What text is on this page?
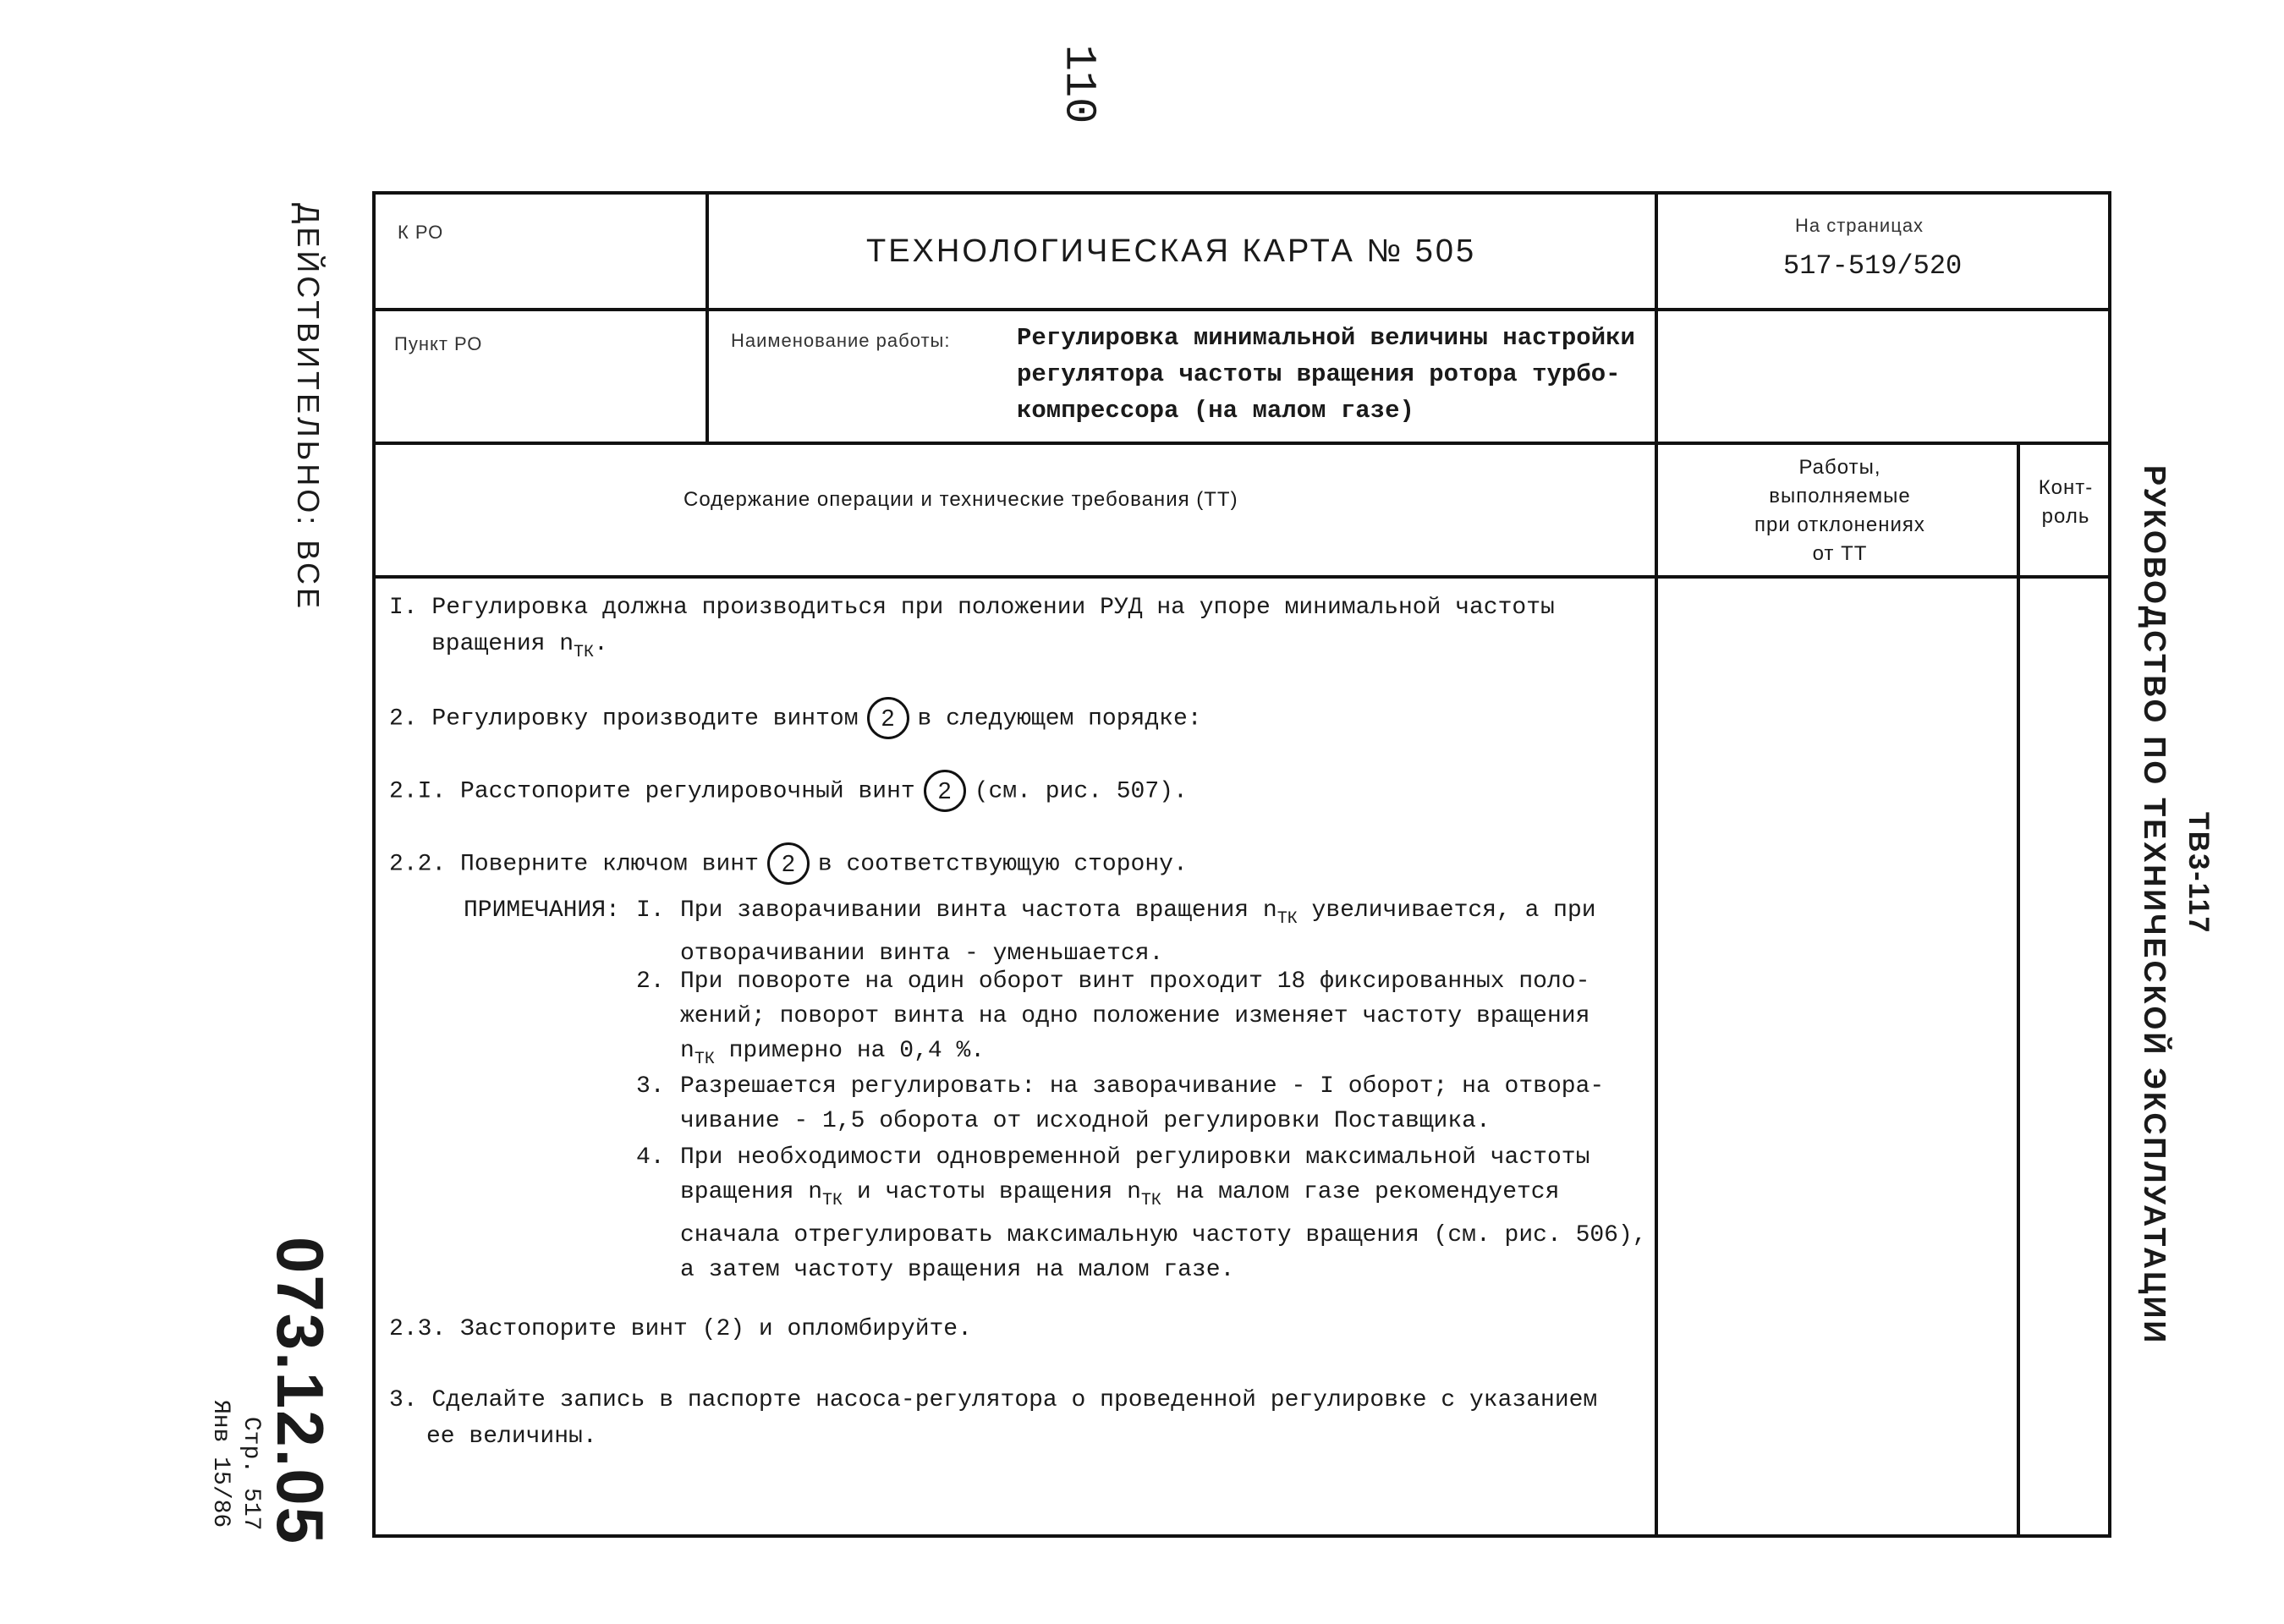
110
ДЕЙСТВИТЕЛЬНО: ВСЕ
073.12.05
Стр. 517
Янв 15/86
ТВ3-117
РУКОВОДСТВО ПО ТЕХНИЧЕСКОЙ ЭКСПЛУАТАЦИИ
К РО
ТЕХНОЛОГИЧЕСКАЯ КАРТА № 505
На страницах
517-519/520
Пункт РО	Наименование работы:	Регулировка минимальной величины настройки
регулятора частоты вращения ротора турбо-
компрессора (на малом газе)
Содержание операции и технические требования (ТТ)
Работы,
выполняемые
при отклонениях
от ТТ
Конт-
роль
I. Регулировка должна производиться при положении РУД на упоре минимальной частоты
вращения $n_{ТК}$.
2. Регулировку производите винтом 2 в следующем порядке:
2.I. Расстопорите регулировочный винт 2 (см. рис. 507).
2.2. Поверните ключом винт 2 в соответствующую сторону.
ПРИМЕЧАНИЯ: I. При заворачивании винта частота вращения $n_{ТК}$ увеличивается, а при
отворачивании винта - уменьшается.
2. При повороте на один оборот винт проходит 18 фиксированных поло-
жений; поворот винта на одно положение изменяет частоту вращения
$n_{ТК}$ примерно на 0,4 %.
3. Разрешается регулировать: на заворачивание - I оборот; на отвора-
чивание - 1,5 оборота от исходной регулировки Поставщика.
4. При необходимости одновременной регулировки максимальной частоты
вращения $n_{ТК}$ и частоты вращения $n_{ТК}$ на малом газе рекомендуется
сначала отрегулировать максимальную частоту вращения (см. рис. 506),
а затем частоту вращения на малом газе.
2.3. Застопорите винт (2) и опломбируйте.
3. Сделайте запись в паспорте насоса-регулятора о проведенной регулировке с указанием
ее величины.
